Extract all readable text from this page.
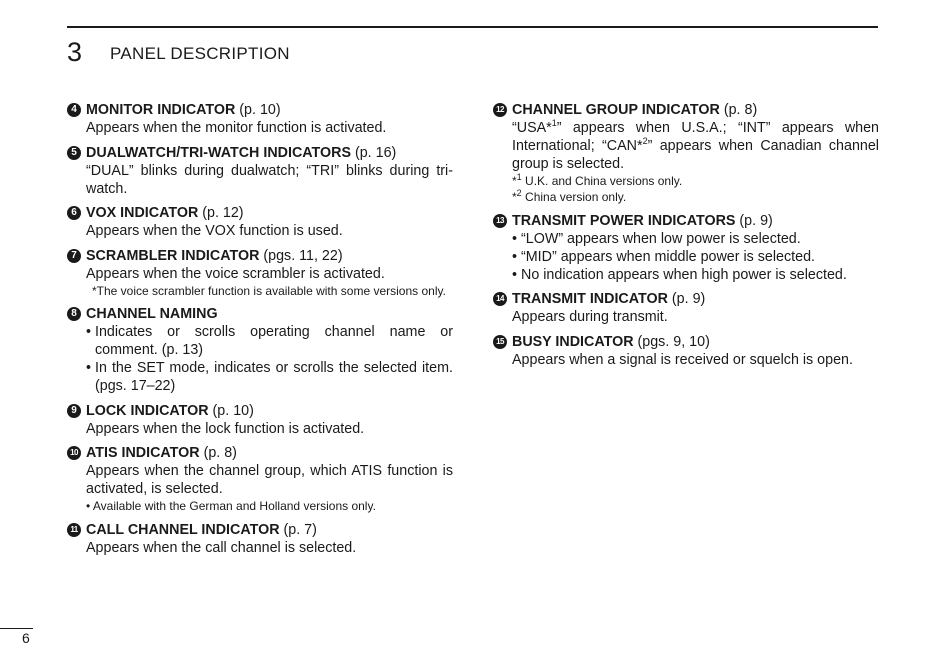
3 PANEL DESCRIPTION
4 MONITOR INDICATOR (p. 10)
Appears when the monitor function is activated.
5 DUALWATCH/TRI-WATCH INDICATORS (p. 16)
“DUAL” blinks during dualwatch; “TRI” blinks during tri-watch.
6 VOX INDICATOR (p. 12)
Appears when the VOX function is used.
7 SCRAMBLER INDICATOR (pgs. 11, 22)
Appears when the voice scrambler is activated.
*The voice scrambler function is available with some versions only.
8 CHANNEL NAMING
• Indicates or scrolls operating channel name or comment. (p. 13)
• In the SET mode, indicates or scrolls the selected item. (pgs. 17–22)
9 LOCK INDICATOR (p. 10)
Appears when the lock function is activated.
10 ATIS INDICATOR (p. 8)
Appears when the channel group, which ATIS function is activated, is selected.
• Available with the German and Holland versions only.
11 CALL CHANNEL INDICATOR (p. 7)
Appears when the call channel is selected.
12 CHANNEL GROUP INDICATOR (p. 8)
“USA*$^1$” appears when U.S.A.; “INT” appears when International; “CAN*$^2$” appears when Canadian channel group is selected.
*$^1$ U.K. and China versions only.
*$^2$ China version only.
13 TRANSMIT POWER INDICATORS (p. 9)
• “LOW” appears when low power is selected.
• “MID” appears when middle power is selected.
• No indication appears when high power is selected.
14 TRANSMIT INDICATOR (p. 9)
Appears during transmit.
15 BUSY INDICATOR (pgs. 9, 10)
Appears when a signal is received or squelch is open.
6
